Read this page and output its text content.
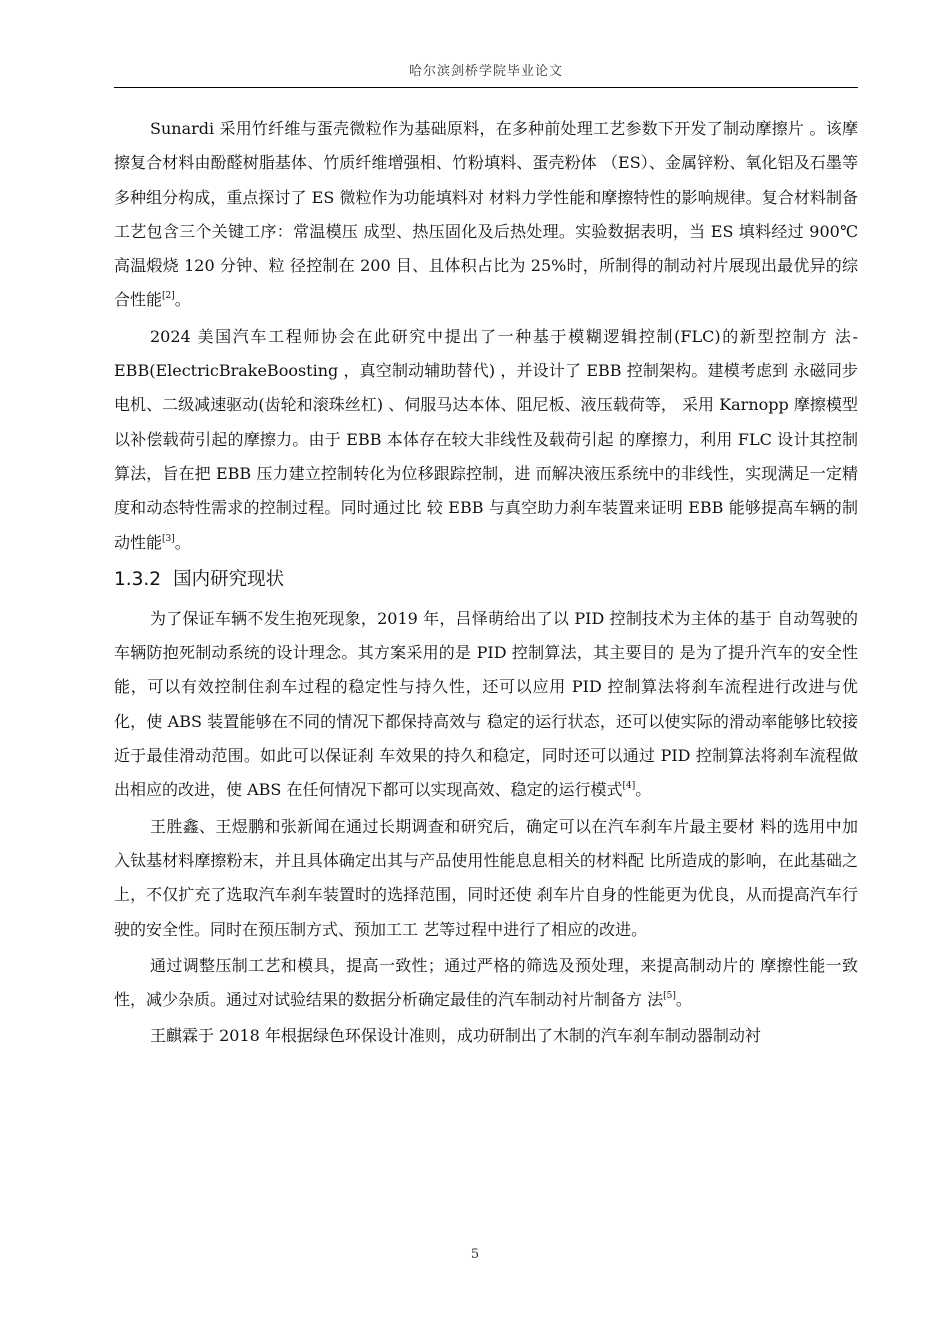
哈尔滨剑桥学院毕业论文

Sunardi 采用竹纤维与蛋壳微粒作为基础原料，在多种前处理工艺参数下开发了制动摩擦片 。该摩擦复合材料由酚醛树脂基体、竹质纤维增强相、竹粉填料、蛋壳粉体 （ES）、金属锌粉、氧化铝及石墨等多种组分构成，重点探讨了 ES 微粒作为功能填料对 材料力学性能和摩擦特性的影响规律。复合材料制备工艺包含三个关键工序：常温模压 成型、热压固化及后热处理。实验数据表明，当 ES 填料经过 900℃高温煅烧 120 分钟、粒 径控制在 200 目、且体积占比为 25%时，所制得的制动衬片展现出最优异的综合性能[2]。

2024 美国汽车工程师协会在此研究中提出了一种基于模糊逻辑控制(FLC)的新型控制方 法-EBB(ElectricBrakeBoosting ，真空制动辅助替代) ，并设计了 EBB 控制架构。建模考虑到 永磁同步电机、二级减速驱动(齿轮和滚珠丝杠) 、伺服马达本体、阻尼板、液压载荷等， 采用 Karnopp 摩擦模型以补偿载荷引起的摩擦力。由于 EBB 本体存在较大非线性及载荷引起 的摩擦力，利用 FLC 设计其控制算法，旨在把 EBB 压力建立控制转化为位移跟踪控制，进 而解决液压系统中的非线性，实现满足一定精度和动态特性需求的控制过程。同时通过比 较 EBB 与真空助力刹车装置来证明 EBB 能够提高车辆的制动性能[3]。

1.3.2 国内研究现状

为了保证车辆不发生抱死现象，2019 年，吕怿萌给出了以 PID 控制技术为主体的基于 自动驾驶的车辆防抱死制动系统的设计理念。其方案采用的是 PID 控制算法，其主要目的 是为了提升汽车的安全性能，可以有效控制住刹车过程的稳定性与持久性，还可以应用 PID 控制算法将刹车流程进行改进与优化，使 ABS 装置能够在不同的情况下都保持高效与 稳定的运行状态，还可以使实际的滑动率能够比较接近于最佳滑动范围。如此可以保证刹 车效果的持久和稳定，同时还可以通过 PID 控制算法将刹车流程做出相应的改进，使 ABS 在任何情况下都可以实现高效、稳定的运行模式[4]。

王胜鑫、王煜鹏和张新闻在通过长期调查和研究后，确定可以在汽车刹车片最主要材 料的选用中加入钛基材料摩擦粉末，并且具体确定出其与产品使用性能息息相关的材料配 比所造成的影响，在此基础之上，不仅扩充了选取汽车刹车装置时的选择范围，同时还使 刹车片自身的性能更为优良，从而提高汽车行驶的安全性。同时在预压制方式、预加工工 艺等过程中进行了相应的改进。

通过调整压制工艺和模具，提高一致性；通过严格的筛选及预处理，来提高制动片的 摩擦性能一致性，减少杂质。通过对试验结果的数据分析确定最佳的汽车制动衬片制备方 法[5]。

王麒霖于 2018 年根据绿色环保设计准则，成功研制出了木制的汽车刹车制动器制动衬

5
